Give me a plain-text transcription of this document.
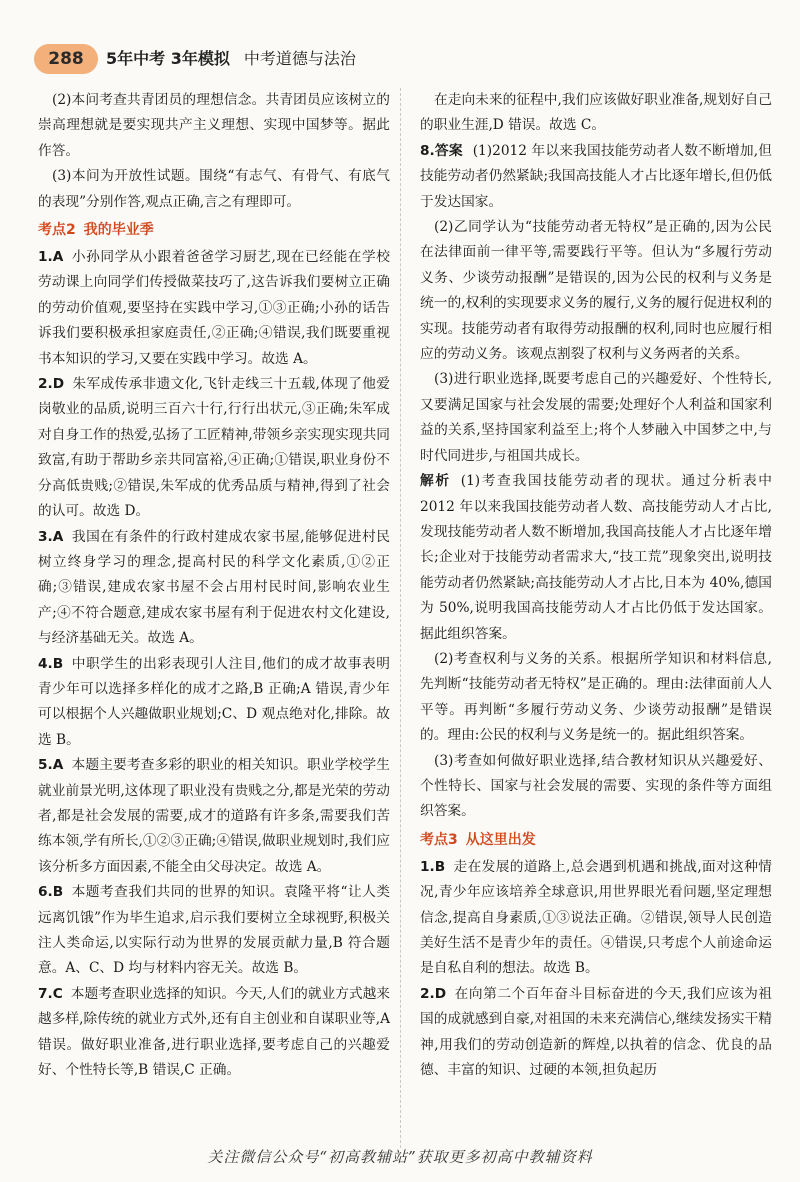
288	5年中考 3年模拟 中考道德与法治

(2)本问考查共青团员的理想信念。共青团员应该树立的崇高理想就是要实现共产主义理想、实现中国梦等。据此作答。

(3)本问为开放性试题。围绕“有志气、有骨气、有底气的表现”分别作答,观点正确,言之有理即可。

考点2 我的毕业季

1.A 小孙同学从小跟着爸爸学习厨艺,现在已经能在学校劳动课上向同学们传授做菜技巧了,这告诉我们要树立正确的劳动价值观,要坚持在实践中学习,①③正确;小孙的话告诉我们要积极承担家庭责任,②正确;④错误,我们既要重视书本知识的学习,又要在实践中学习。故选 A。

2.D 朱军成传承非遗文化,飞针走线三十五载,体现了他爱岗敬业的品质,说明三百六十行,行行出状元,③正确;朱军成对自身工作的热爱,弘扬了工匠精神,带领乡亲实现实现共同致富,有助于帮助乡亲共同富裕,④正确;①错误,职业身份不分高低贵贱;②错误,朱军成的优秀品质与精神,得到了社会的认可。故选 D。

3.A 我国在有条件的行政村建成农家书屋,能够促进村民树立终身学习的理念,提高村民的科学文化素质,①②正确;③错误,建成农家书屋不会占用村民时间,影响农业生产;④不符合题意,建成农家书屋有利于促进农村文化建设,与经济基础无关。故选 A。

4.B 中职学生的出彩表现引人注目,他们的成才故事表明青少年可以选择多样化的成才之路,B 正确;A 错误,青少年可以根据个人兴趣做职业规划;C、D 观点绝对化,排除。故选 B。

5.A 本题主要考查多彩的职业的相关知识。职业学校学生就业前景光明,这体现了职业没有贵贱之分,都是光荣的劳动者,都是社会发展的需要,成才的道路有许多条,需要我们苦练本领,学有所长,①②③正确;④错误,做职业规划时,我们应该分析多方面因素,不能全由父母决定。故选 A。

6.B 本题考查我们共同的世界的知识。袁隆平将“让人类远离饥饿”作为毕生追求,启示我们要树立全球视野,积极关注人类命运,以实际行动为世界的发展贡献力量,B 符合题意。A、C、D 均与材料内容无关。故选 B。

7.C 本题考查职业选择的知识。今天,人们的就业方式越来越多样,除传统的就业方式外,还有自主创业和自谋职业等,A 错误。做好职业准备,进行职业选择,要考虑自己的兴趣爱好、个性特长等,B 错误,C 正确。

在走向未来的征程中,我们应该做好职业准备,规划好自己的职业生涯,D 错误。故选 C。

8.答案 (1)2012 年以来我国技能劳动者人数不断增加,但技能劳动者仍然紧缺;我国高技能人才占比逐年增长,但仍低于发达国家。

(2)乙同学认为“技能劳动者无特权”是正确的,因为公民在法律面前一律平等,需要践行平等。但认为“多履行劳动义务、少谈劳动报酬”是错误的,因为公民的权利与义务是统一的,权利的实现要求义务的履行,义务的履行促进权利的实现。技能劳动者有取得劳动报酬的权利,同时也应履行相应的劳动义务。该观点割裂了权利与义务两者的关系。

(3)进行职业选择,既要考虑自己的兴趣爱好、个性特长,又要满足国家与社会发展的需要;处理好个人利益和国家利益的关系,坚持国家利益至上;将个人梦融入中国梦之中,与时代同进步,与祖国共成长。

解析 (1)考查我国技能劳动者的现状。通过分析表中 2012 年以来我国技能劳动者人数、高技能劳动人才占比,发现技能劳动者人数不断增加,我国高技能人才占比逐年增长;企业对于技能劳动者需求大,“技工荒”现象突出,说明技能劳动者仍然紧缺;高技能劳动人才占比,日本为 40%,德国为 50%,说明我国高技能劳动人才占比仍低于发达国家。据此组织答案。

(2)考查权利与义务的关系。根据所学知识和材料信息,先判断“技能劳动者无特权”是正确的。理由:法律面前人人平等。再判断“多履行劳动义务、少谈劳动报酬”是错误的。理由:公民的权利与义务是统一的。据此组织答案。

(3)考查如何做好职业选择,结合教材知识从兴趣爱好、个性特长、国家与社会发展的需要、实现的条件等方面组织答案。

考点3 从这里出发

1.B 走在发展的道路上,总会遇到机遇和挑战,面对这种情况,青少年应该培养全球意识,用世界眼光看问题,坚定理想信念,提高自身素质,①③说法正确。②错误,领导人民创造美好生活不是青少年的责任。④错误,只考虑个人前途命运是自私自利的想法。故选 B。

2.D 在向第二个百年奋斗目标奋进的今天,我们应该为祖国的成就感到自豪,对祖国的未来充满信心,继续发扬实干精神,用我们的劳动创造新的辉煌,以执着的信念、优良的品德、丰富的知识、过硬的本领,担负起历

关注微信公众号“初高教辅站”获取更多初高中教辅资料
